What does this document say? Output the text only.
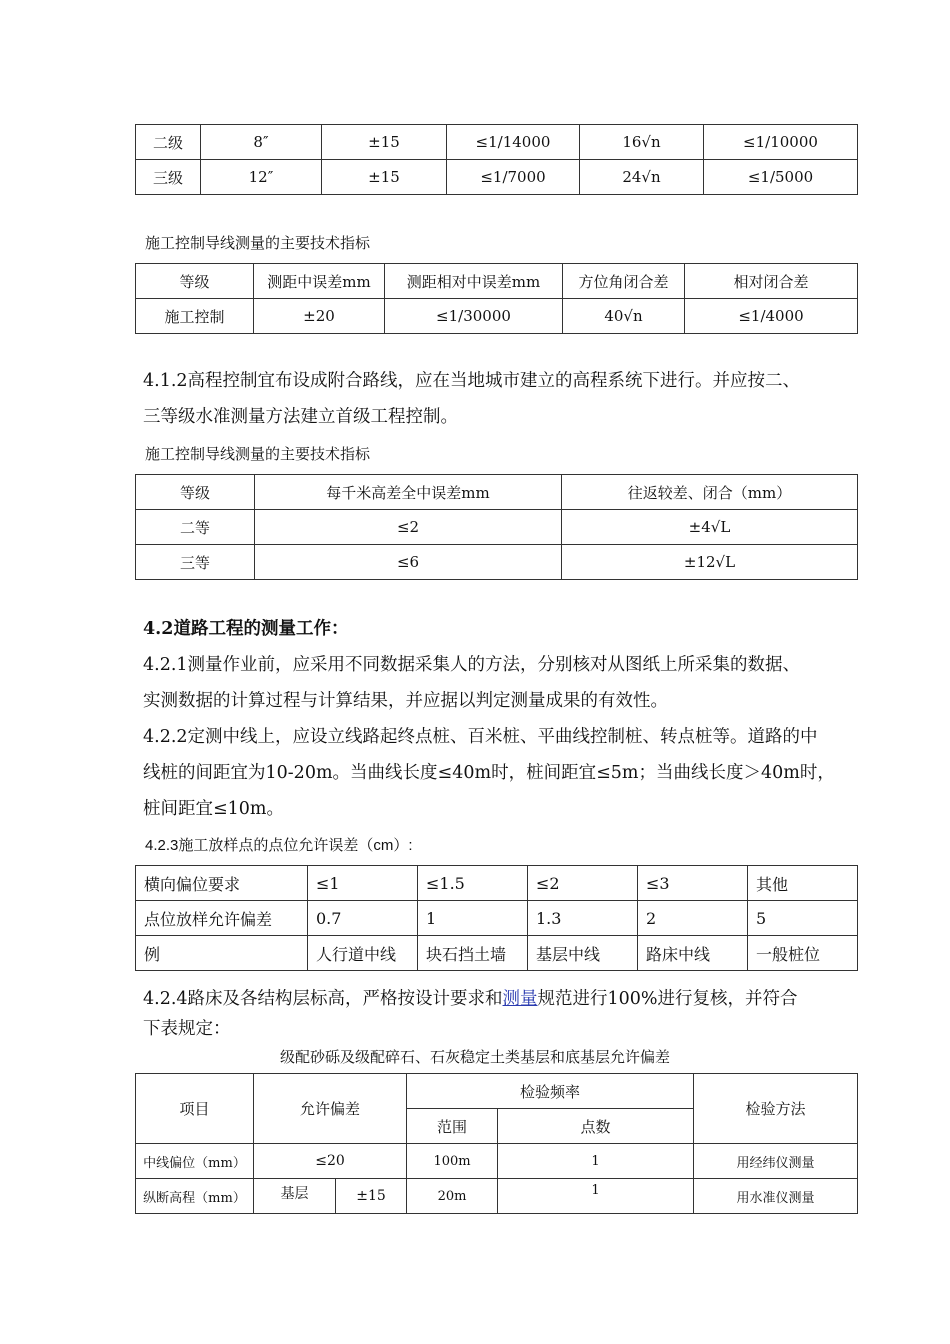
二级	8″	±15	≤1/14000	16√n	≤1/10000
三级	12″	±15	≤1/7000	24√n	≤1/5000
施工控制导线测量的主要技术指标
等级	测距中误差mm	测距相对中误差mm	方位角闭合差	相对闭合差
施工控制	±20	≤1/30000	40√n	≤1/4000
4.1.2高程控制宜布设成附合路线，应在当地城市建立的高程系统下进行。并应按二、
三等级水准测量方法建立首级工程控制。
施工控制导线测量的主要技术指标
等级	每千米高差全中误差mm	往返较差、闭合（mm）
二等	≤2	±4√L
三等	≤6	±12√L
4.2道路工程的测量工作：
4.2.1测量作业前，应采用不同数据采集人的方法，分别核对从图纸上所采集的数据、
实测数据的计算过程与计算结果，并应据以判定测量成果的有效性。
4.2.2定测中线上，应设立线路起终点桩、百米桩、平曲线控制桩、转点桩等。道路的中
线桩的间距宜为10-20m。当曲线长度≤40m时，桩间距宜≤5m；当曲线长度＞40m时，
桩间距宜≤10m。
4.2.3施工放样点的点位允许误差（cm）:
横向偏位要求	≤1	≤1.5	≤2	≤3	其他
点位放样允许偏差	0.7	1	1.3	2	5
例	人行道中线	块石挡土墙	基层中线	路床中线	一般桩位
4.2.4路床及各结构层标高，严格按设计要求和测量规范进行100%进行复核，并符合
下表规定：
级配砂砾及级配碎石、石灰稳定土类基层和底基层允许偏差
项目	允许偏差		检验频率		检验方法
			范围	点数	
中线偏位（mm）	≤20		100m	1	用经纬仪测量
纵断高程（mm）	基层	±15	20m	1	用水准仪测量
